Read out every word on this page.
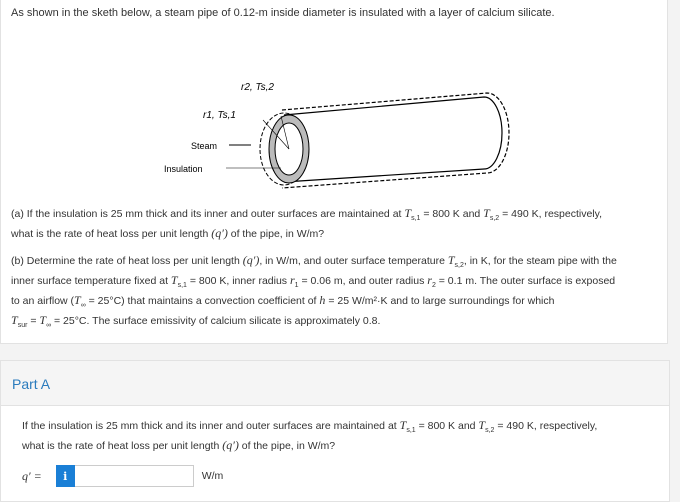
As shown in the sketh below, a steam pipe of 0.12-m inside diameter is insulated with a layer of calcium silicate.
r2, Ts,2
r1, Ts,1
Steam
Insulation
(a) If the insulation is 25 mm thick and its inner and outer surfaces are maintained at $T_{s,1} = 800$ K and $T_{s,2} = 490$ K, respectively,
what is the rate of heat loss per unit length (q′) of the pipe, in W/m?
(b) Determine the rate of heat loss per unit length (q′), in W/m, and outer surface temperature $T_{s,2}$, in K, for the steam pipe with the
inner surface temperature fixed at $T_{s,1} = 800$ K, inner radius $r_1 = 0.06$ m, and outer radius $r_2 = 0.1$ m. The outer surface is exposed
to an airflow $(T_\infty = 25^\circ C)$ that maintains a convection coefficient of h = 25 W/m²·K and to large surroundings for which
$T_{sur} = T_\infty = 25^\circ C$. The surface emissivity of calcium silicate is approximately 0.8.
Part A
If the insulation is 25 mm thick and its inner and outer surfaces are maintained at $T_{s,1} = 800$ K and $T_{s,2} = 490$ K, respectively,
what is the rate of heat loss per unit length (q′) of the pipe, in W/m?
q′ =	i	W/m
